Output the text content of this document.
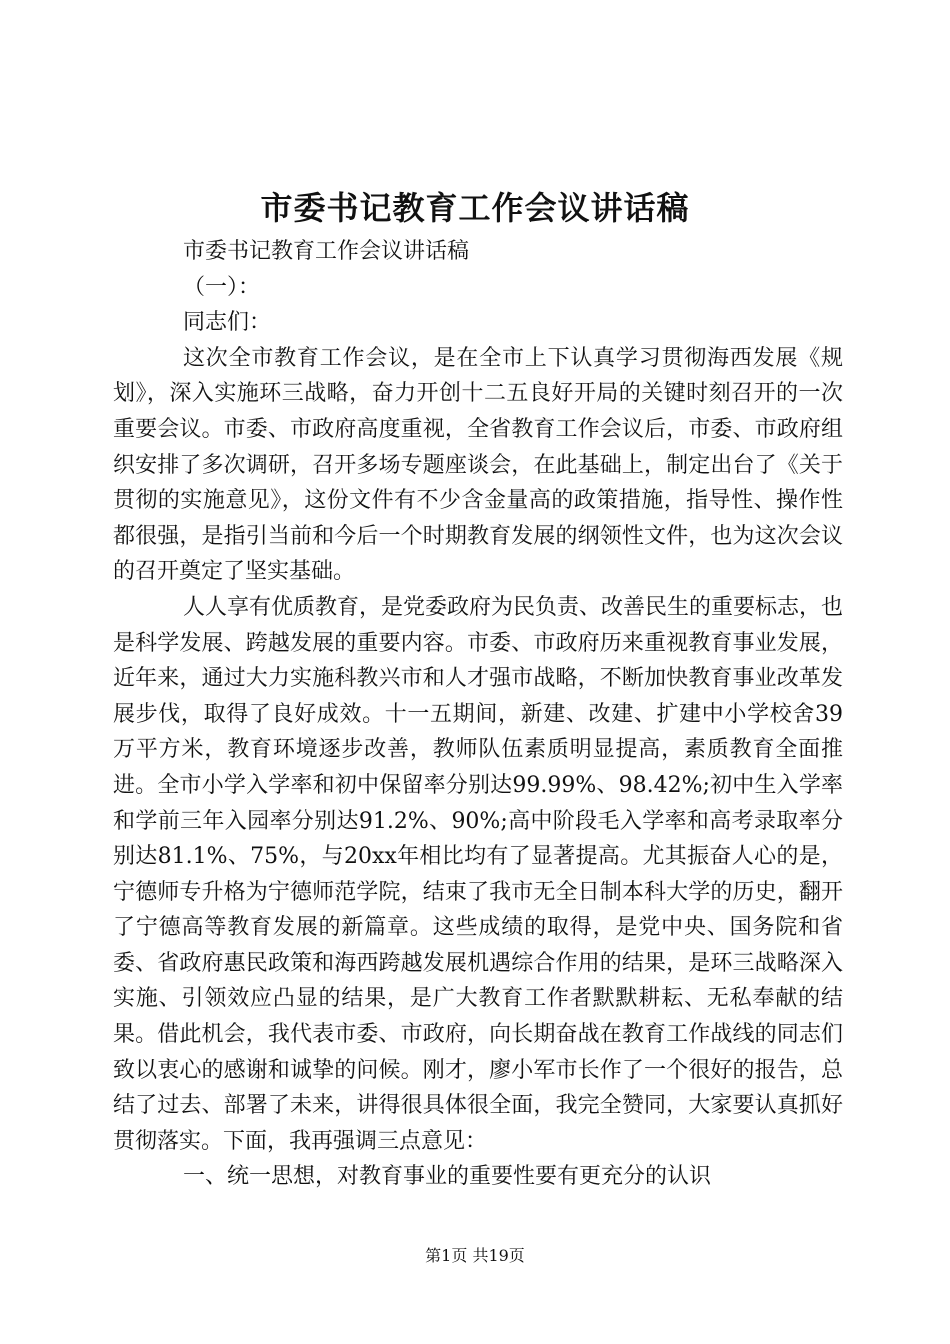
市委书记教育工作会议讲话稿

市委书记教育工作会议讲话稿

（一）：

同志们：

这次全市教育工作会议，是在全市上下认真学习贯彻海西发展《规划》，深入实施环三战略，奋力开创十二五良好开局的关键时刻召开的一次重要会议。市委、市政府高度重视，全省教育工作会议后，市委、市政府组织安排了多次调研，召开多场专题座谈会，在此基础上，制定出台了《关于贯彻的实施意见》，这份文件有不少含金量高的政策措施，指导性、操作性都很强，是指引当前和今后一个时期教育发展的纲领性文件，也为这次会议的召开奠定了坚实基础。

人人享有优质教育，是党委政府为民负责、改善民生的重要标志，也是科学发展、跨越发展的重要内容。市委、市政府历来重视教育事业发展，近年来，通过大力实施科教兴市和人才强市战略，不断加快教育事业改革发展步伐，取得了良好成效。十一五期间，新建、改建、扩建中小学校舍39万平方米，教育环境逐步改善，教师队伍素质明显提高，素质教育全面推进。全市小学入学率和初中保留率分别达99.99%、98.42%;初中生入学率和学前三年入园率分别达91.2%、90%;高中阶段毛入学率和高考录取率分别达81.1%、75%，与20xx年相比均有了显著提高。尤其振奋人心的是，宁德师专升格为宁德师范学院，结束了我市无全日制本科大学的历史，翻开了宁德高等教育发展的新篇章。这些成绩的取得，是党中央、国务院和省委、省政府惠民政策和海西跨越发展机遇综合作用的结果，是环三战略深入实施、引领效应凸显的结果，是广大教育工作者默默耕耘、无私奉献的结果。借此机会，我代表市委、市政府，向长期奋战在教育工作战线的同志们致以衷心的感谢和诚挚的问候。刚才，廖小军市长作了一个很好的报告，总结了过去、部署了未来，讲得很具体很全面，我完全赞同，大家要认真抓好贯彻落实。下面，我再强调三点意见：

一、统一思想，对教育事业的重要性要有更充分的认识

第1页 共19页
